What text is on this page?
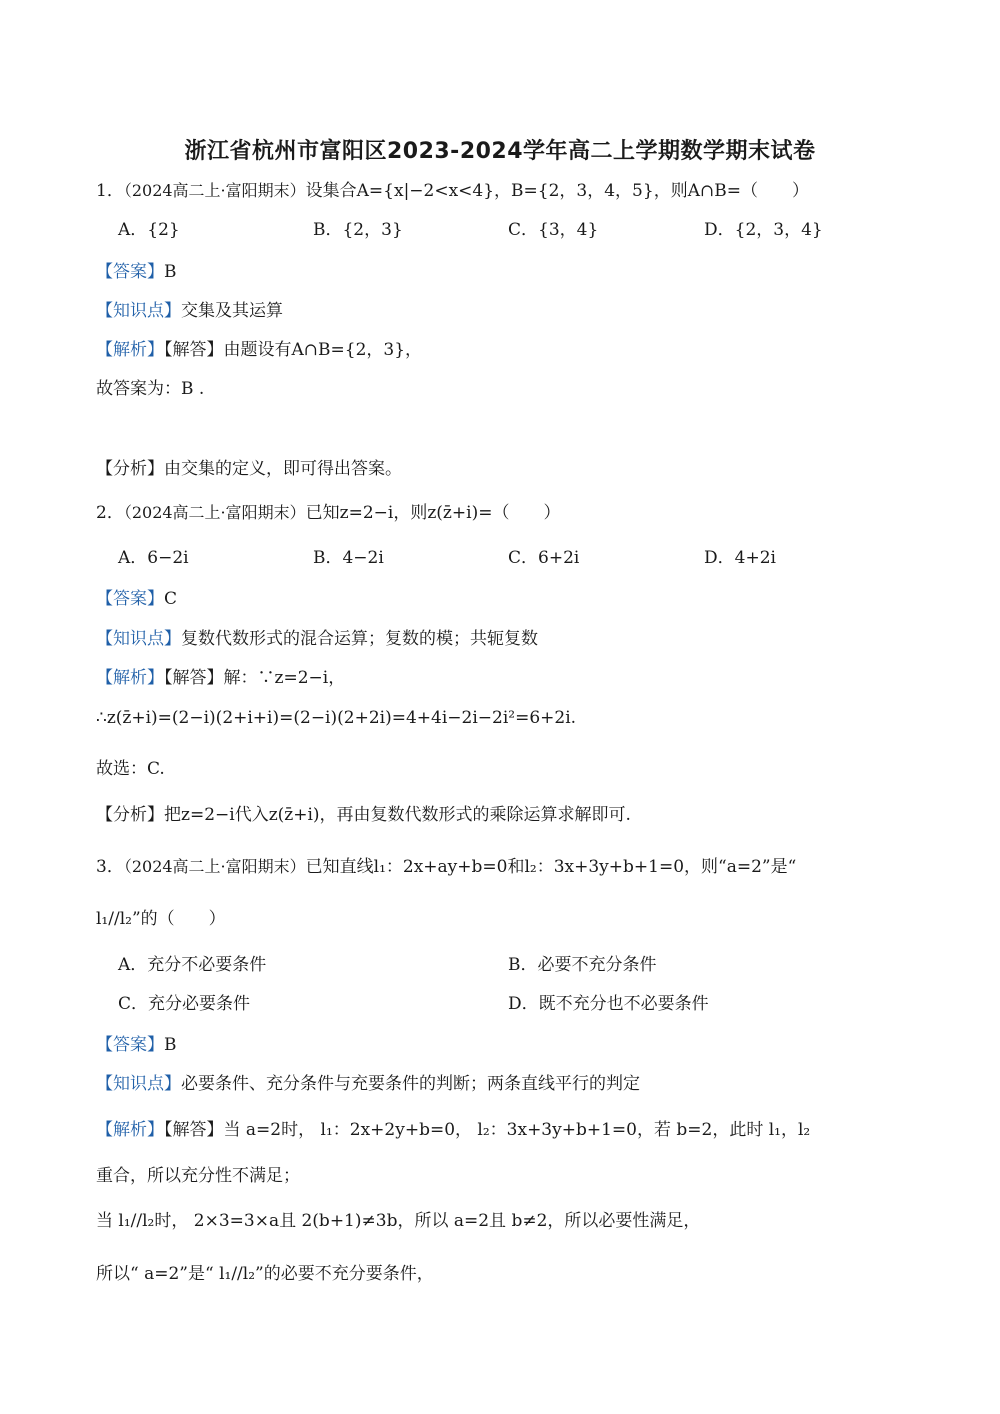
浙江省杭州市富阳区2023-2024学年高二上学期数学期末试卷
1．（2024高二上·富阳期末）设集合A={x|−2<x<4}，B={2，3，4，5}，则A∩B=（　　）
A．{2}	B．{2，3}	C．{3，4}	D．{2，3，4}
【答案】B
【知识点】交集及其运算
【解析】【解答】由题设有A∩B={2，3}，
故答案为：B .
【分析】由交集的定义，即可得出答案。
2．（2024高二上·富阳期末）已知z=2−i，则z(z̄+i)=（　　）
A．6−2i	B．4−2i	C．6+2i	D．4+2i
【答案】C
【知识点】复数代数形式的混合运算；复数的模；共轭复数
【解析】【解答】解：∵z=2−i，
∴z(z̄+i)=(2−i)(2+i+i)=(2−i)(2+2i)=4+4i−2i−2i²=6+2i.
故选：C.
【分析】把z=2−i代入z(z̄+i)，再由复数代数形式的乘除运算求解即可.
3．（2024高二上·富阳期末）已知直线l₁：2x+ay+b=0和l₂：3x+3y+b+1=0，则“a=2”是“
l₁//l₂”的（　　）
A．充分不必要条件	B．必要不充分条件
C．充分必要条件	D．既不充分也不必要条件
【答案】B
【知识点】必要条件、充分条件与充要条件的判断；两条直线平行的判定
【解析】【解答】当 a=2时， l₁：2x+2y+b=0， l₂：3x+3y+b+1=0，若 b=2，此时 l₁，l₂
重合，所以充分性不满足；
当 l₁//l₂时， 2×3=3×a且 2(b+1)≠3b，所以 a=2且 b≠2，所以必要性满足，
所以“ a=2”是“ l₁//l₂”的必要不充分要条件，
